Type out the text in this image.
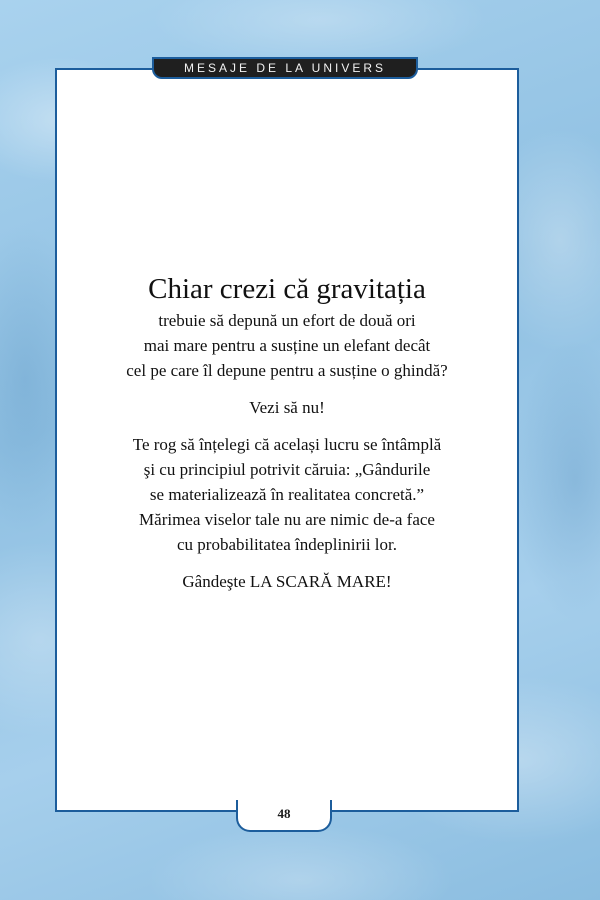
MESAJE DE LA UNIVERS
Chiar crezi că gravitația

trebuie să depună un efort de două ori

mai mare pentru a susține un elefant decât

cel pe care îl depune pentru a susține o ghindă?

Vezi să nu!

Te rog să înțelegi că același lucru se întâmplă

şi cu principiul potrivit căruia: „Gândurile

se materializează în realitatea concretă.”

Mărimea viselor tale nu are nimic de-a face

cu probabilitatea îndeplinirii lor.

Gândeşte LA SCARĂ MARE!

48
